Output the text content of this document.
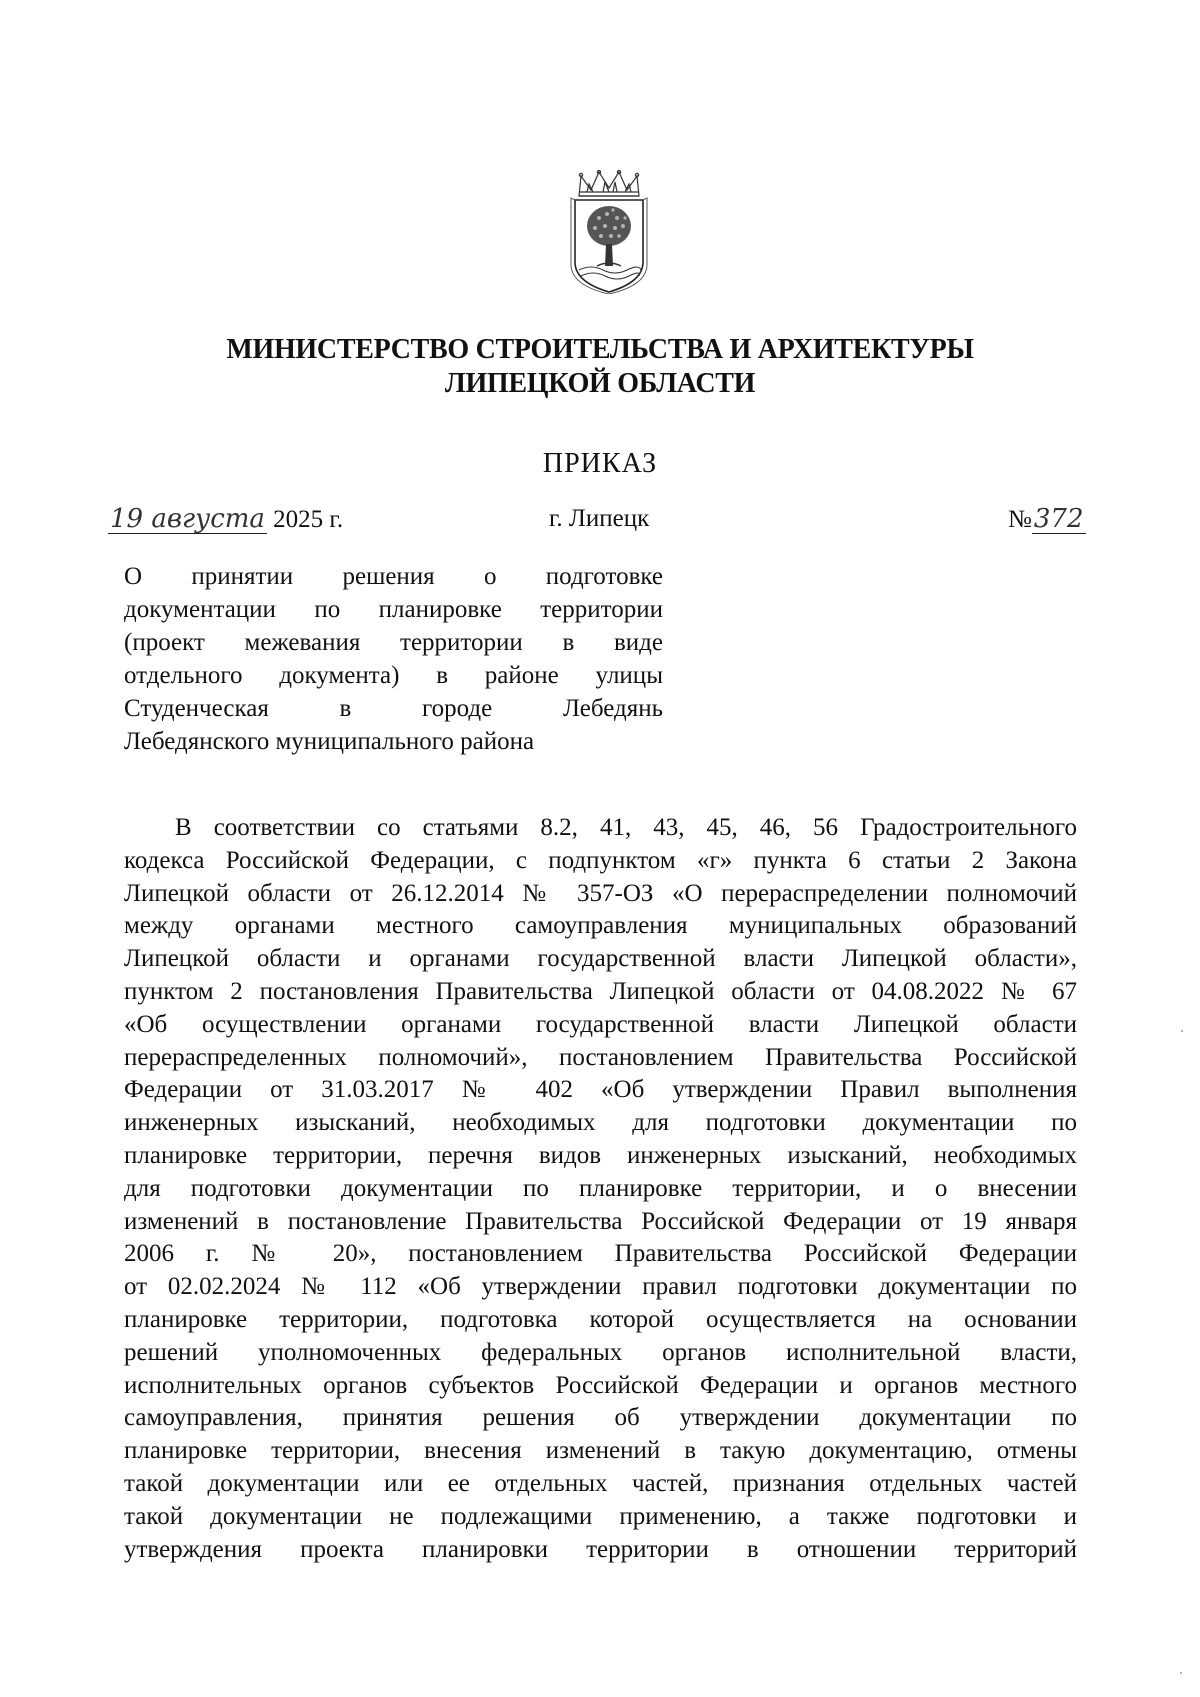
МИНИСТЕРСТВО СТРОИТЕЛЬСТВА И АРХИТЕКТУРЫ
ЛИПЕЦКОЙ ОБЛАСТИ
ПРИКАЗ
19 августа 2025 г.	г. Липецк	№372
О принятии решения о подготовке
документации по планировке территории
(проект межевания территории в виде
отдельного документа) в районе улицы
Студенческая в городе Лебедянь
Лебедянского муниципального района
В соответствии со статьями 8.2, 41, 43, 45, 46, 56 Градостроительного
кодекса Российской Федерации, с подпунктом «г» пункта 6 статьи 2 Закона
Липецкой области от 26.12.2014 № 357-ОЗ «О перераспределении полномочий
между органами местного самоуправления муниципальных образований
Липецкой области и органами государственной власти Липецкой области»,
пунктом 2 постановления Правительства Липецкой области от 04.08.2022 № 67
«Об осуществлении органами государственной власти Липецкой области
перераспределенных полномочий», постановлением Правительства Российской
Федерации от 31.03.2017 № 402 «Об утверждении Правил выполнения
инженерных изысканий, необходимых для подготовки документации по
планировке территории, перечня видов инженерных изысканий, необходимых
для подготовки документации по планировке территории, и о внесении
изменений в постановление Правительства Российской Федерации от 19 января
2006 г. № 20», постановлением Правительства Российской Федерации
от 02.02.2024 № 112 «Об утверждении правил подготовки документации по
планировке территории, подготовка которой осуществляется на основании
решений уполномоченных федеральных органов исполнительной власти,
исполнительных органов субъектов Российской Федерации и органов местного
самоуправления, принятия решения об утверждении документации по
планировке территории, внесения изменений в такую документацию, отмены
такой документации или ее отдельных частей, признания отдельных частей
такой документации не подлежащими применению, а также подготовки и
утверждения проекта планировки территории в отношении территорий
